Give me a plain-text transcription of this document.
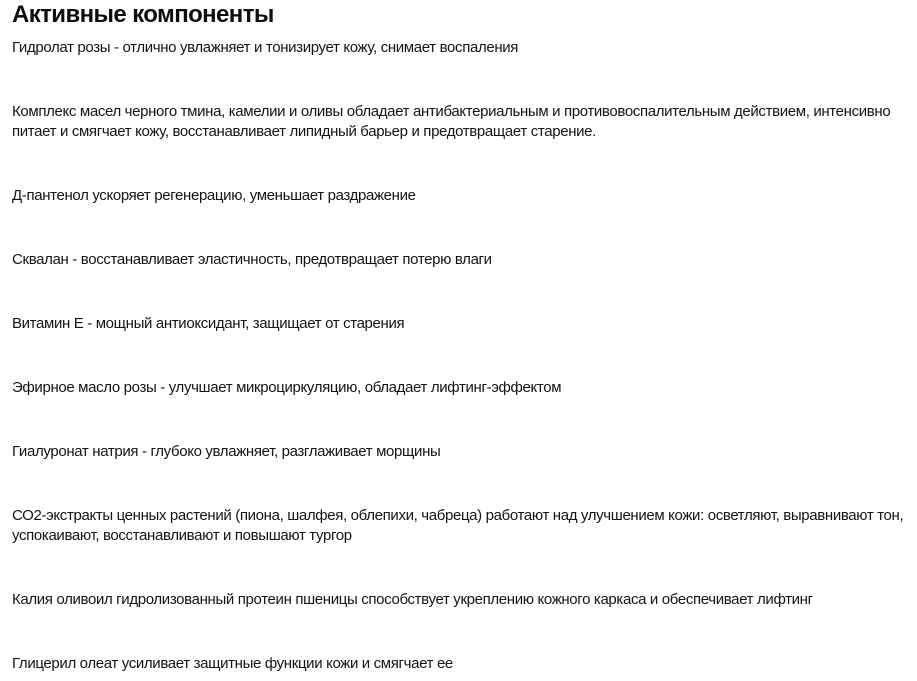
Активные компоненты
Гидролат розы - отлично увлажняет и тонизирует кожу, снимает воспаления
Комплекс масел черного тмина, камелии и оливы обладает антибактериальным и противовоспалительным действием, интенсивно питает и смягчает кожу, восстанавливает липидный барьер и предотвращает старение.
Д-пантенол ускоряет регенерацию, уменьшает раздражение
Сквалан - восстанавливает эластичность, предотвращает потерю влаги
Витамин Е - мощный антиоксидант, защищает от старения
Эфирное масло розы - улучшает микроциркуляцию, обладает лифтинг-эффектом
Гиалуронат натрия - глубоко увлажняет, разглаживает морщины
СО2-экстракты ценных растений (пиона, шалфея, облепихи, чабреца) работают над улучшением кожи: осветляют, выравнивают тон, успокаивают, восстанавливают и повышают тургор
Калия оливоил гидролизованный протеин пшеницы способствует укреплению кожного каркаса и обеспечивает лифтинг
Глицерил олеат усиливает защитные функции кожи и смягчает ее
